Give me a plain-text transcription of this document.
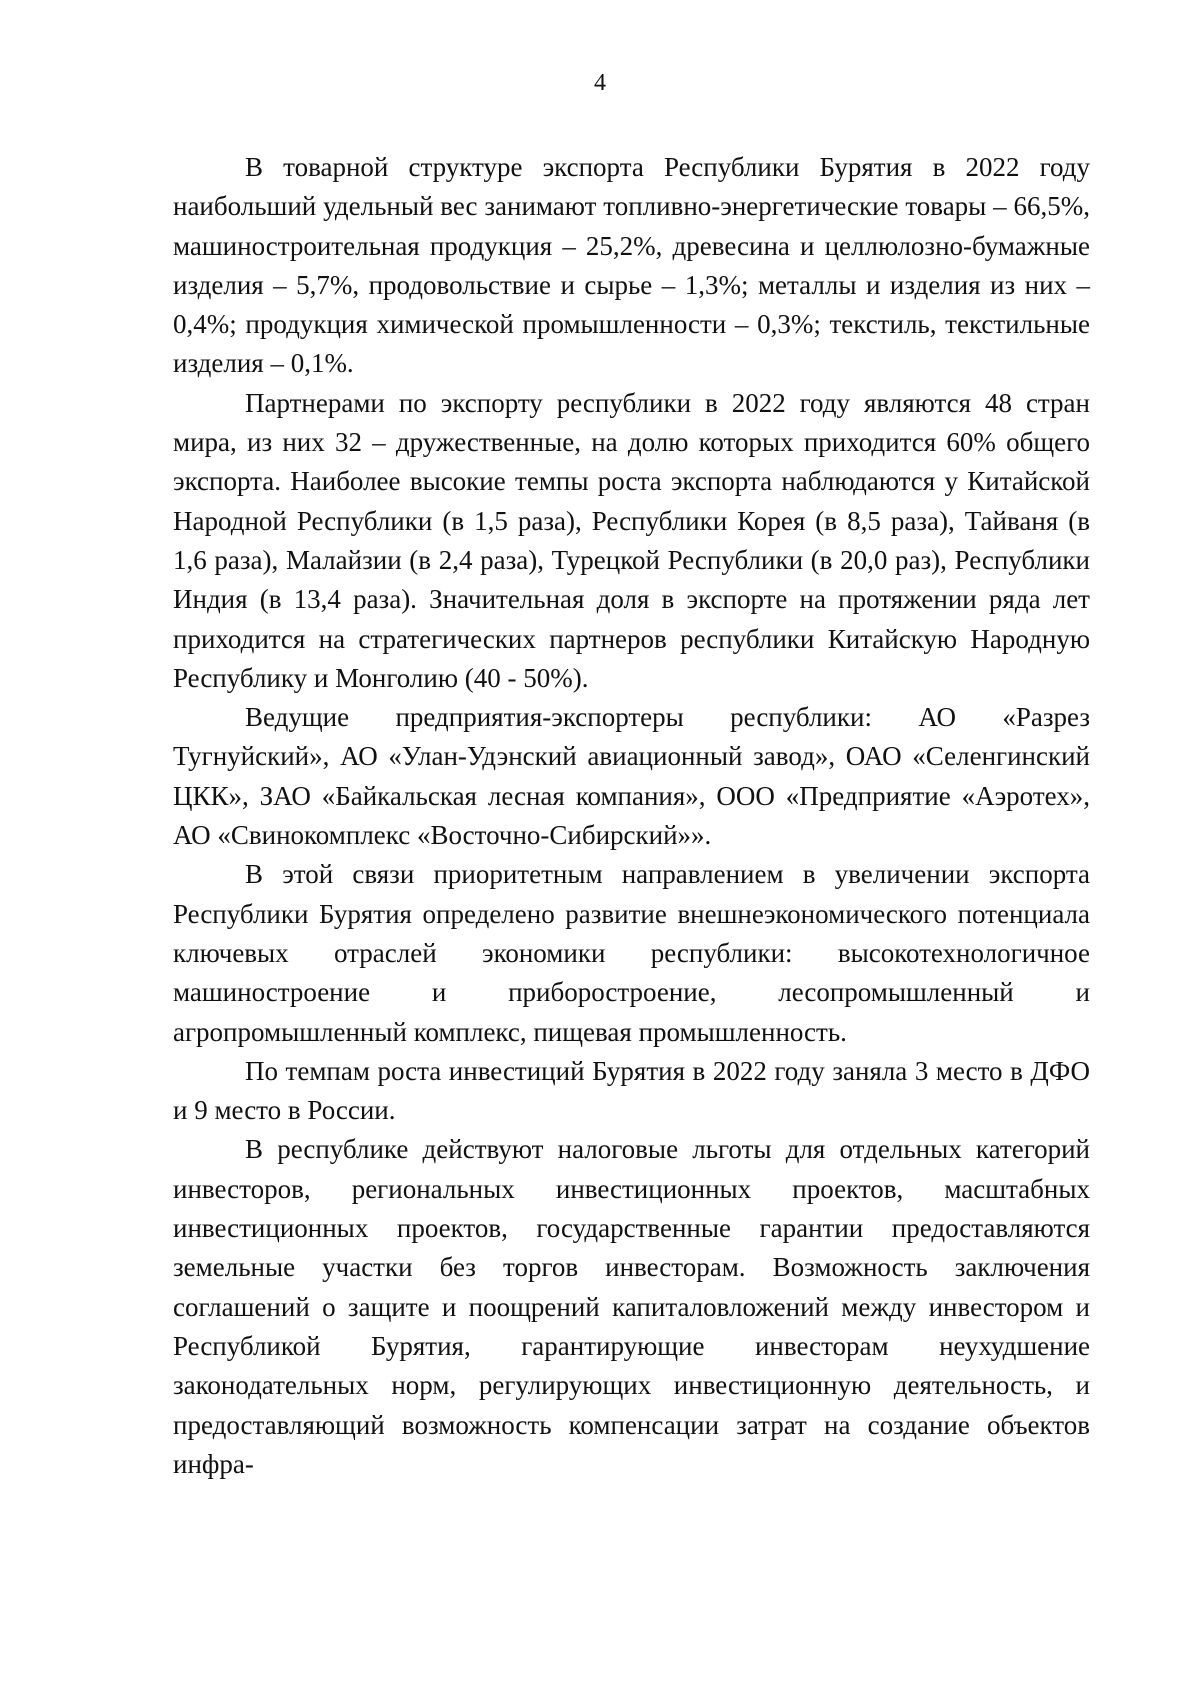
4

В товарной структуре экспорта Республики Бурятия в 2022 году наибольший удельный вес занимают топливно-энергетические товары – 66,5%, машиностроительная продукция – 25,2%, древесина и целлюлозно-бумажные изделия – 5,7%, продовольствие и сырье – 1,3%; металлы и изделия из них – 0,4%; продукция химической промышленности – 0,3%; текстиль, текстильные изделия – 0,1%.

Партнерами по экспорту республики в 2022 году являются 48 стран мира, из них 32 – дружественные, на долю которых приходится 60% общего экспорта. Наиболее высокие темпы роста экспорта наблюдаются у Китайской Народной Республики (в 1,5 раза), Республики Корея (в 8,5 раза), Тайваня (в 1,6 раза), Малайзии (в 2,4 раза), Турецкой Республики (в 20,0 раз), Республики Индия (в 13,4 раза). Значительная доля в экспорте на протяжении ряда лет приходится на стратегических партнеров республики Китайскую Народную Республику и Монголию (40 - 50%).

Ведущие предприятия-экспортеры республики: АО «Разрез Тугнуйский», АО «Улан-Удэнский авиационный завод», ОАО «Селенгинский ЦКК», ЗАО «Байкальская лесная компания», ООО «Предприятие «Аэротех», АО «Свинокомплекс «Восточно-Сибирский»».

В этой связи приоритетным направлением в увеличении экспорта Республики Бурятия определено развитие внешнеэкономического потенциала ключевых отраслей экономики республики: высокотехнологичное машиностроение и приборостроение, лесопромышленный и агропромышленный комплекс, пищевая промышленность.

По темпам роста инвестиций Бурятия в 2022 году заняла 3 место в ДФО и 9 место в России.

В республике действуют налоговые льготы для отдельных категорий инвесторов, региональных инвестиционных проектов, масштабных инвестиционных проектов, государственные гарантии предоставляются земельные участки без торгов инвесторам. Возможность заключения соглашений о защите и поощрений капиталовложений между инвестором и Республикой Бурятия, гарантирующие инвесторам неухудшение законодательных норм, регулирующих инвестиционную деятельность, и предоставляющий возможность компенсации затрат на создание объектов инфра-
